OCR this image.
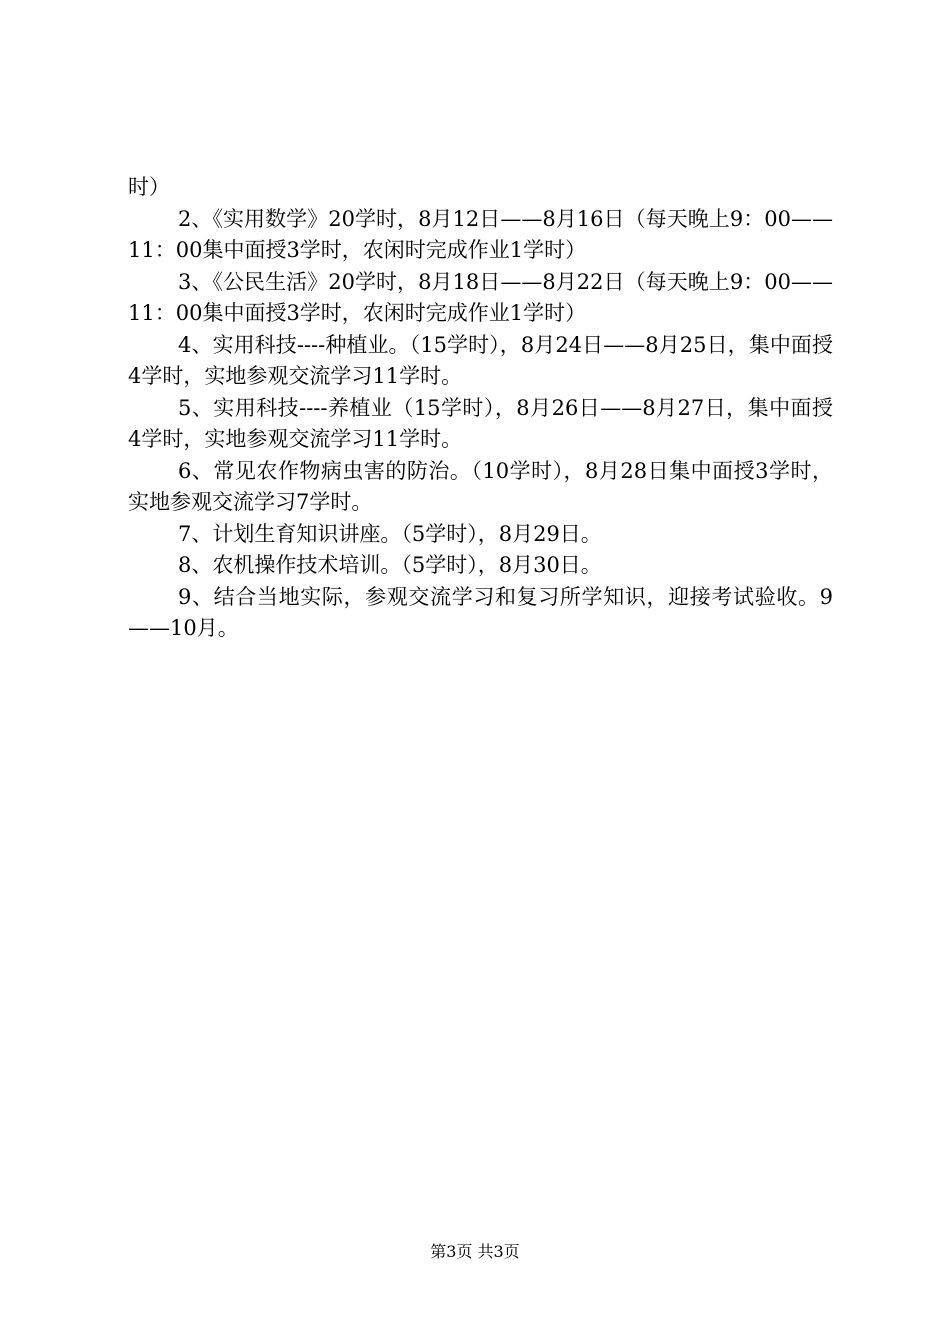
时）

2、《实用数学》20学时，8月12日——8月16日（每天晚上9：00——11：00集中面授3学时，农闲时完成作业1学时）

3、《公民生活》20学时，8月18日——8月22日（每天晚上9：00——11：00集中面授3学时，农闲时完成作业1学时）

4、实用科技----种植业。（15学时），8月24日——8月25日，集中面授4学时，实地参观交流学习11学时。

5、实用科技----养植业（15学时），8月26日——8月27日，集中面授4学时，实地参观交流学习11学时。

6、常见农作物病虫害的防治。（10学时），8月28日集中面授3学时，实地参观交流学习7学时。

7、计划生育知识讲座。（5学时），8月29日。

8、农机操作技术培训。（5学时），8月30日。

9、结合当地实际，参观交流学习和复习所学知识，迎接考试验收。9——10月。

第3页 共3页
